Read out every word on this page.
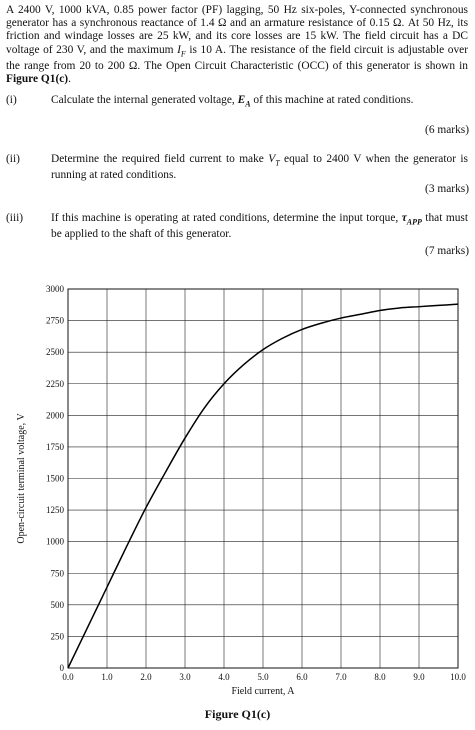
A 2400 V, 1000 kVA, 0.85 power factor (PF) lagging, 50 Hz six-poles, Y-connected synchronous generator has a synchronous reactance of 1.4 Ω and an armature resistance of 0.15 Ω. At 50 Hz, its friction and windage losses are 25 kW, and its core losses are 15 kW. The field circuit has a DC voltage of 230 V, and the maximum $I_F$ is 10 A. The resistance of the field circuit is adjustable over the range from 20 to 200 Ω. The Open Circuit Characteristic (OCC) of this generator is shown in Figure Q1(c).
(i)	Calculate the internal generated voltage, $E_A$ of this machine at rated conditions.
(6 marks)
(ii)	Determine the required field current to make $V_T$ equal to 2400 V when the generator is running at rated conditions.
(3 marks)
(iii) If this machine is operating at rated conditions, determine the input torque, $\tau_{APP}$ that must be applied to the shaft of this generator.
(7 marks)
0.0	1.0	2.0	3.0	4.0	5.0	6.0	7.0	8.0	9.0	10.0
0
250
500
750
1000
1250
1500
1750
2000
2250
2500
2750
3000
Field current, A
Open-circuit terminal voltage, V
Figure Q1(c)
